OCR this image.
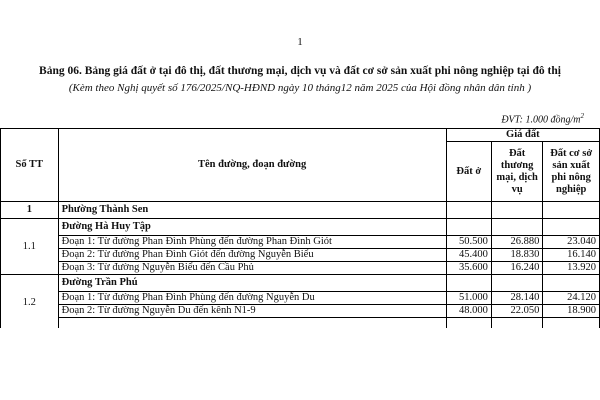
1
Bảng 06. Bảng giá đất ở tại đô thị, đất thương mại, dịch vụ và đất cơ sở sản xuất phi nông nghiệp tại đô thị
(Kèm theo Nghị quyết số 176/2025/NQ-HĐND ngày 10 tháng12 năm 2025 của Hội đồng nhân dân tỉnh )
ĐVT: 1.000 đồng/$m^2$
Số TT	Tên đường, đoạn đường	Giá đất		
		Đất ở	Đất thương mại, dịch vụ	Đất cơ sở sản xuất phi nông nghiệp
1	Phường Thành Sen			
1.1	Đường Hà Huy Tập			
	Đoạn 1: Từ đường Phan Đình Phùng đến đường Phan Đình Giót	50.500	26.880	23.040
	Đoạn 2: Từ đường Phan Đình Giót đến đường Nguyễn Biểu	45.400	18.830	16.140
	Đoạn 3: Từ đường Nguyễn Biểu đến Cầu Phủ	35.600	16.240	13.920
1.2	Đường Trần Phú			
	Đoạn 1: Từ đường Phan Đình Phùng đến đường Nguyễn Du	51.000	28.140	24.120
	Đoạn 2: Từ đường Nguyễn Du đến kênh N1-9	48.000	22.050	18.900
